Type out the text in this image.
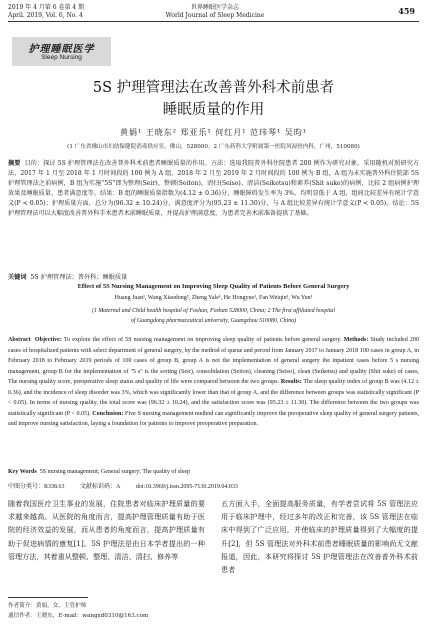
2019 年 4 月第 6 卷第 4 期
April. 2019, Vol. 6, No. 4
世界睡眠医学杂志
World Journal of Sleep Medicine	459
护理睡眠医学
Sleep Nursing
5S 护理管理法在改善普外科术前患者
睡眠质量的作用
黄娟¹ 王晓东² 郑亚乐¹ 何红月¹ 范玮琴¹ 吴昀¹
(1 广东省佛山市妇幼保健院消毒供应室，佛山，528000；2 广东药科大学附属第一医院风湿骨内科，广州，510080)
摘要 目的：探讨 5S 护理管理法在改善普外科术前患者睡眠质量的作用。方法：选取我院普外科住院患者 200 例作为研究对象，采用随机对照研究方法，2017 年 1 月至 2018 年 1 月时间段的 100 例为 A 组，2018 年 2 月至 2019 年 2 月时间段的 100 例为 B 组，A 组为未实施普外科住院部 5S 护理管理法之前病例，B 组为实施“5S”即为整理(Seir)、整顿(Seiton)、清扫(Seiso)、清洁(Seiketsu)和素养(Shit suke)的病例，比较 2 组病例护理效果及睡眠质量、患者满意度等。结果：B 组的睡眠质量指数为(4.12 ± 0.36)分，睡眠障碍发生率为 3%，均明显低于 A 组，组间比较差异有统计学意义(P < 0.05)；护理质量方面，总分为(96.32 ± 10.24)分，满意度评分为(95.23 ± 11.30)分，与 A 组比较差异有统计学意义(P < 0.05)。结论：5S 护理管理法可以大幅度改善普外科手术患者术前睡眠质量，并提高护理满意度，为患者完善术前准备提供了基础。
关键词 5S 护理管理法；普外科；睡眠质量
Effect of 5S Nursing Management on Improving Sleep Quality of Patients Before General Surgery
Huang Juan¹, Wang Xiaodong², Zheng Yale¹, He Hongyue¹, Fan Weiqin¹, Wu Yun¹
(1 Maternal and Child health hospital of Foshan, Foshan 528000, China; 2 The first affiliated hospital
of Guangdong pharmaceutical university, Guangzhou 510080, China)
Abstract Objective: To explore the effect of 5S nursing management on improving sleep quality of patients before general surgery. Methods: Study included 200 cases of hospitalized patients with select department of general surgery, by the method of queue and period from January 2017 to January 2018 100 cases in group A, in February 2018 to February 2019 periods of 100 cases of group B, group A is not the implementation of general surgery the inpatient cases before 5 s nursing management, group B for the implementation of "5 s" is the sorting (Seir), consolidation (Seiton), cleaning (Seiso), clean (Seiketsu) and quality (Shit suke) of cases, The nursing quality score, preoperative sleep status and quality of life were compared between the two groups. Results: The sleep quality index of group B was (4.12 ± 0.36), and the incidence of sleep disorder was 3%, which was significantly lower than that of group A, and the difference between groups was statistically significant (P < 0.05). In terms of nursing quality, the total score was (96.32 ± 10.24), and the satisfaction score was (95.23 ± 11.30). The difference between the two groups was statistically significant (P < 0.05). Conclusion: Five S nursing management method can significantly improve the preoperative sleep quality of general surgery patients, and improve nursing satisfaction, laying a foundation for patients to improve preoperative preparation.
Key Words 5S nursing management; General surgery; The quality of sleep
中图分类号：R338.63	文献标识码：A	doi:10.3969/j.issn.2095-7130.2019.04.033
随着我国医疗卫生事业的发展，住院患者对临床护理质量的要求越来越高。从医院的角度而言，提高护理管理质量有助于医院的经济效益的发展，而从患者的角度而言，提高护理质量有助于促进病情的康复[1]。5S 护理法是由日本学者提出的一种管理方法，其着重从整顿、整理、清洁、清扫、修养等
五方面入手，全面提高服务质量，有学者尝试将 5S 管理法应用于临床护理中，经过多年的改正和完善，该 5S 管理法在临床中得到了广泛应用，并使临床的护理质量得到了大幅度的提升[2]，但 5S 管理法对外科术前患者睡眠质量的影响尚无文献报道，因此，本研究将探讨 5S 护理管理法在改善普外科术前患者
作者简介：黄娟，女，主管护师
通信作者：王晓东，E-mail：wangxd0310@163.com
